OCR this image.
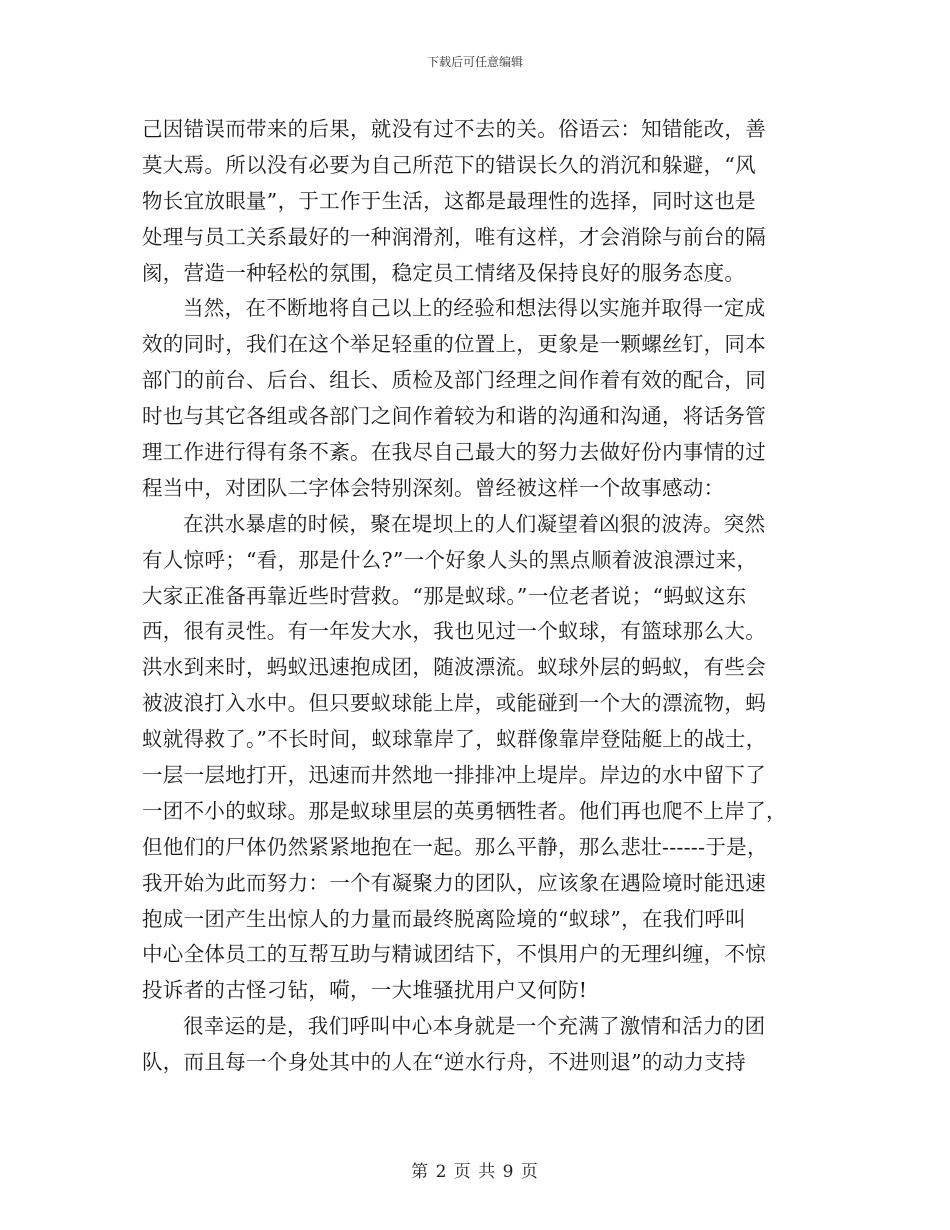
下载后可任意编辑
己因错误而带来的后果，就没有过不去的关。俗语云：知错能改，善
莫大焉。所以没有必要为自己所范下的错误长久的消沉和躲避，“风
物长宜放眼量”，于工作于生活，这都是最理性的选择，同时这也是
处理与员工关系最好的一种润滑剂，唯有这样，才会消除与前台的隔
阂，营造一种轻松的氛围，稳定员工情绪及保持良好的服务态度。
当然，在不断地将自己以上的经验和想法得以实施并取得一定成
效的同时，我们在这个举足轻重的位置上，更象是一颗螺丝钉，同本
部门的前台、后台、组长、质检及部门经理之间作着有效的配合，同
时也与其它各组或各部门之间作着较为和谐的沟通和沟通，将话务管
理工作进行得有条不紊。在我尽自己最大的努力去做好份内事情的过
程当中，对团队二字体会特别深刻。曾经被这样一个故事感动：
在洪水暴虐的时候，聚在堤坝上的人们凝望着凶狠的波涛。突然
有人惊呼；“看，那是什么?”一个好象人头的黑点顺着波浪漂过来，
大家正准备再靠近些时营救。“那是蚁球。”一位老者说；“蚂蚁这东
西，很有灵性。有一年发大水，我也见过一个蚁球，有篮球那么大。
洪水到来时，蚂蚁迅速抱成团，随波漂流。蚁球外层的蚂蚁，有些会
被波浪打入水中。但只要蚁球能上岸，或能碰到一个大的漂流物，蚂
蚁就得救了。”不长时间，蚁球靠岸了，蚁群像靠岸登陆艇上的战士，
一层一层地打开，迅速而井然地一排排冲上堤岸。岸边的水中留下了
一团不小的蚁球。那是蚁球里层的英勇牺牲者。他们再也爬不上岸了，
但他们的尸体仍然紧紧地抱在一起。那么平静，那么悲壮------于是，
我开始为此而努力：一个有凝聚力的团队，应该象在遇险境时能迅速
抱成一团产生出惊人的力量而最终脱离险境的“蚁球”，在我们呼叫
中心全体员工的互帮互助与精诚团结下，不惧用户的无理纠缠，不惊
投诉者的古怪刁钻，嗬，一大堆骚扰用户又何防!
很幸运的是，我们呼叫中心本身就是一个充满了激情和活力的团
队，而且每一个身处其中的人在“逆水行舟，不进则退”的动力支持
第 2 页 共 9 页
